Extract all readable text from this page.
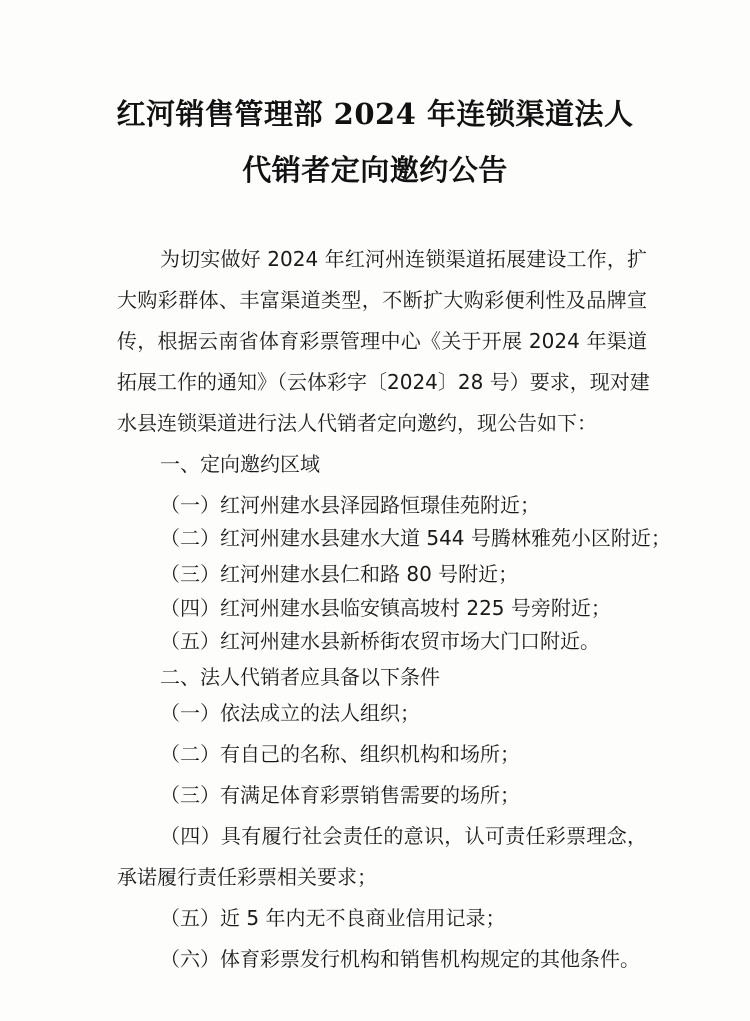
红河销售管理部 2024 年连锁渠道法人
代销者定向邀约公告
为切实做好 2024 年红河州连锁渠道拓展建设工作，扩
大购彩群体、丰富渠道类型，不断扩大购彩便利性及品牌宣
传，根据云南省体育彩票管理中心《关于开展 2024 年渠道
拓展工作的通知》（云体彩字〔2024〕28 号）要求，现对建
水县连锁渠道进行法人代销者定向邀约，现公告如下：
一、定向邀约区域
（一）红河州建水县泽园路恒璟佳苑附近；
（二）红河州建水县建水大道 544 号腾林雅苑小区附近；
（三）红河州建水县仁和路 80 号附近；
（四）红河州建水县临安镇高坡村 225 号旁附近；
（五）红河州建水县新桥街农贸市场大门口附近。
二、法人代销者应具备以下条件
（一）依法成立的法人组织；
（二）有自己的名称、组织机构和场所；
（三）有满足体育彩票销售需要的场所；
（四）具有履行社会责任的意识，认可责任彩票理念，
承诺履行责任彩票相关要求；
（五）近 5 年内无不良商业信用记录；
（六）体育彩票发行机构和销售机构规定的其他条件。
